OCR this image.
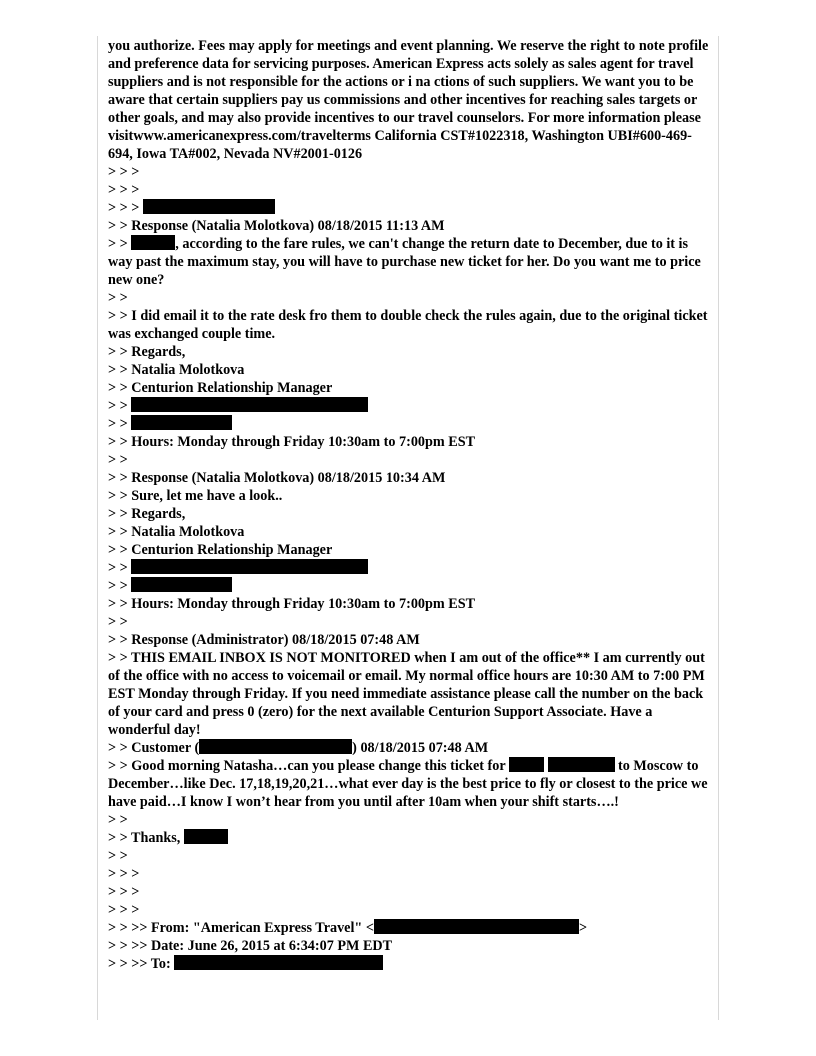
you authorize. Fees may apply for meetings and event planning. We reserve the right to note profile and preference data for servicing purposes. American Express acts solely as sales agent for travel suppliers and is not responsible for the actions or i na ctions of such suppliers. We want you to be aware that certain suppliers pay us commissions and other incentives for reaching sales targets or other goals, and may also provide incentives to our travel counselors. For more information please visitwww.americanexpress.com/travelterms California CST#1022318, Washington UBI#600-469-694, Iowa TA#002, Nevada NV#2001-0126

> > >
> > >
> > >
> > Response (Natalia Molotkova) 08/18/2015 11:13 AM

> >	, according to the fare rules, we can't change the return date to December, due to it is way past the maximum stay, you will have to purchase new ticket for her. Do you want me to price new one?

> >

> > I did email it to the rate desk fro them to double check the rules again, due to the original ticket was exchanged couple time.

> > Regards,
> > Natalia Molotkova
> > Centurion Relationship Manager
> >
> >
> > Hours: Monday through Friday 10:30am to 7:00pm EST
> >
> > Response (Natalia Molotkova) 08/18/2015 10:34 AM
> > Sure, let me have a look..
> > Regards,
> > Natalia Molotkova
> > Centurion Relationship Manager
> >
> >
> > Hours: Monday through Friday 10:30am to 7:00pm EST
> >
> > Response (Administrator) 08/18/2015 07:48 AM

> > THIS EMAIL INBOX IS NOT MONITORED when I am out of the office** I am currently out of the office with no access to voicemail or email. My normal office hours are 10:30 AM to 7:00 PM EST Monday through Friday. If you need immediate assistance please call the number on the back of your card and press 0 (zero) for the next available Centurion Support Associate. Have a wonderful day!

> > Customer (	) 08/18/2015 07:48 AM

> > Good morning Natasha…can you please change this ticket for	to Moscow to December…like Dec. 17,18,19,20,21…what ever day is the best price to fly or closest to the price we have paid…I know I won’t hear from you until after 10am when your shift starts….!

> >
> > Thanks,
> >
> > >
> > >
> > >
> > >> From: "American Express Travel" <	>
> > >> Date: June 26, 2015 at 6:34:07 PM EDT
> > >> To:
